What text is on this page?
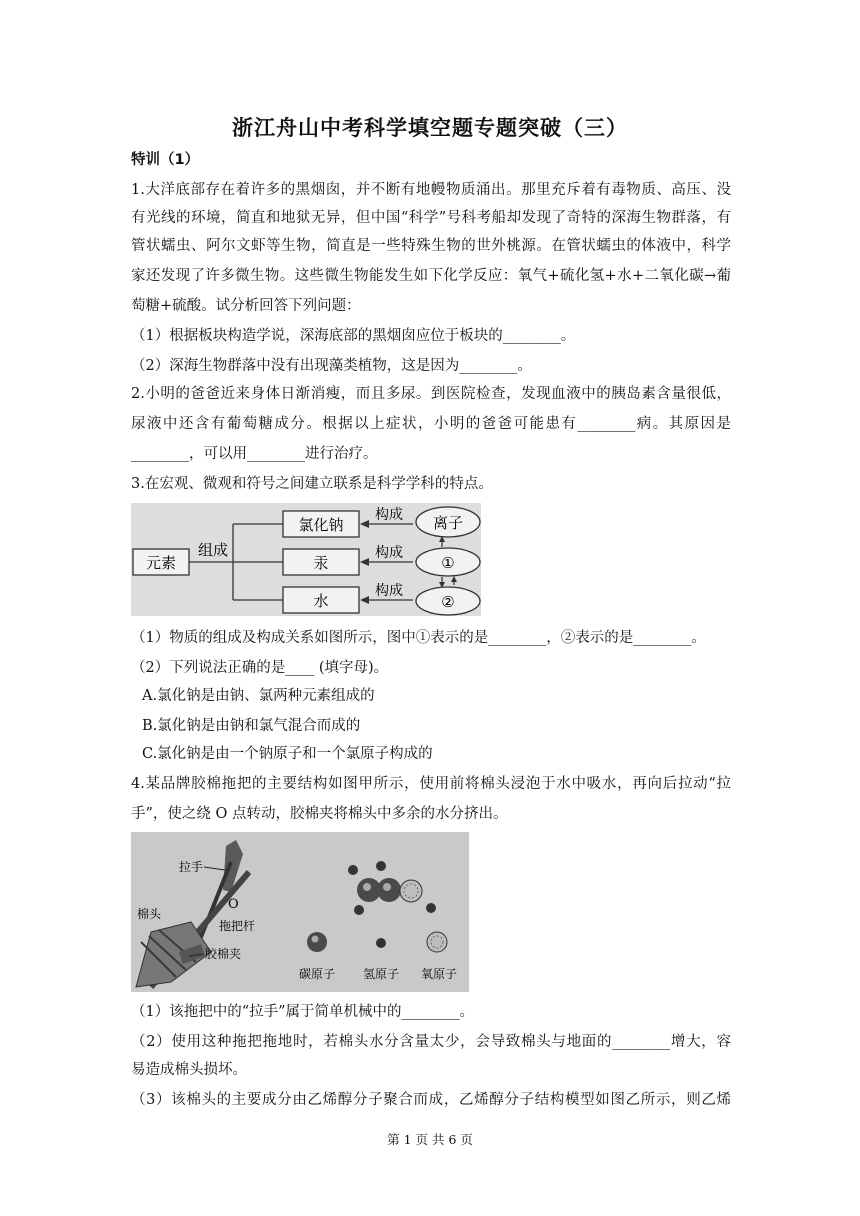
浙江舟山中考科学填空题专题突破（三）
特训（1）
1.大洋底部存在着许多的黑烟囱，并不断有地幔物质涌出。那里充斥着有毒物质、高压、没
有光线的环境，简直和地狱无异，但中国“科学”号科考船却发现了奇特的深海生物群落，有
管状蠕虫、阿尔文虾等生物，简直是一些特殊生物的世外桃源。在管状蠕虫的体液中，科学
家还发现了许多微生物。这些微生物能发生如下化学反应：氧气+硫化氢+水+二氧化碳→葡
萄糖+硫酸。试分析回答下列问题：
（1）根据板块构造学说，深海底部的黑烟囱应位于板块的________。
（2）深海生物群落中没有出现藻类植物，这是因为________。
2.小明的爸爸近来身体日渐消瘦，而且多尿。到医院检查，发现血液中的胰岛素含量很低，
尿液中还含有葡萄糖成分。根据以上症状，小明的爸爸可能患有________病。其原因是
________，可以用________进行治疗。
3.在宏观、微观和符号之间建立联系是科学学科的特点。
元素
组成
氯化钠
汞
水
构成
构成
构成
离子
①
②
（1）物质的组成及构成关系如图所示，图中①表示的是________，②表示的是________。
（2）下列说法正确的是____ (填字母)。
A.氯化钠是由钠、氯两种元素组成的
B.氯化钠是由钠和氯气混合而成的
C.氯化钠是由一个钠原子和一个氯原子构成的
4.某品牌胶棉拖把的主要结构如图甲所示，使用前将棉头浸泡于水中吸水，再向后拉动“拉
手”，使之绕 O 点转动，胶棉夹将棉头中多余的水分挤出。
拉手
O
拖把杆
棉头
胶棉夹
碳原子 氢原子 氧原子
（1）该拖把中的“拉手”属于简单机械中的________。
（2）使用这种拖把拖地时，若棉头水分含量太少，会导致棉头与地面的________增大，容
易造成棉头损坏。
（3）该棉头的主要成分由乙烯醇分子聚合而成，乙烯醇分子结构模型如图乙所示，则乙烯
第 1 页 共 6 页
